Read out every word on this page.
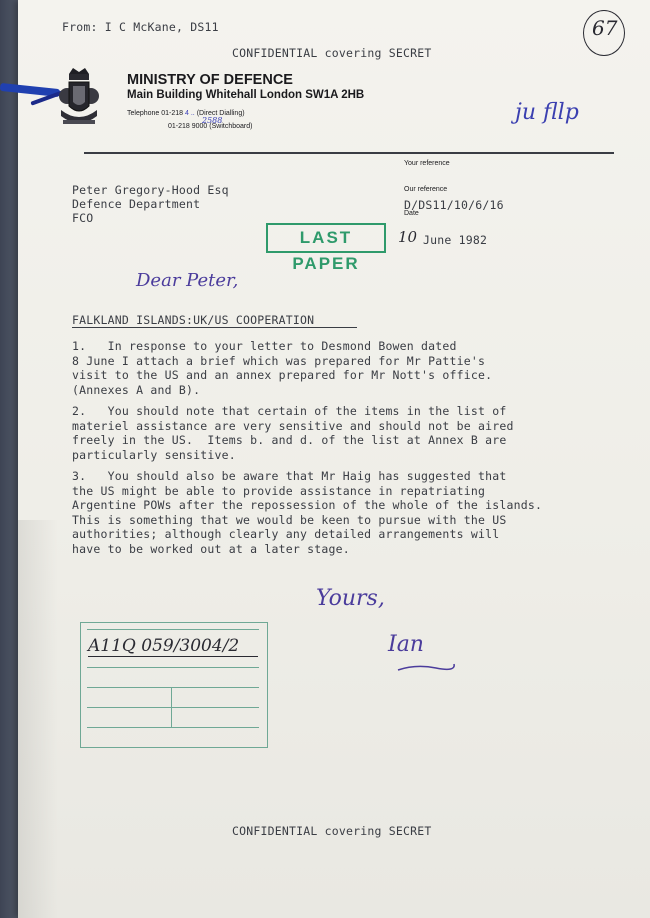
From: I C McKane, DS11
CONFIDENTIAL covering SECRET
67
ju fllp
MINISTRY OF DEFENCE
Main Building Whitehall London SW1A 2HB
Telephone 01-218 4 .. (Direct Dialling)
2588
01-218 9000 (Switchboard)
Your reference
Our reference
D/DS11/10/6/16
Date
10 June 1982
Peter Gregory-Hood Esq
Defence Department
FCO
LAST PAPER
Dear Peter,
FALKLAND ISLANDS:UK/US COOPERATION
1.   In response to your letter to Desmond Bowen dated
8 June I attach a brief which was prepared for Mr Pattie's
visit to the US and an annex prepared for Mr Nott's office.
(Annexes A and B).
2.   You should note that certain of the items in the list of
materiel assistance are very sensitive and should not be aired
freely in the US.  Items b. and d. of the list at Annex B are
particularly sensitive.
3.   You should also be aware that Mr Haig has suggested that
the US might be able to provide assistance in repatriating
Argentine POWs after the repossession of the whole of the islands.
This is something that we would be keen to pursue with the US
authorities; although clearly any detailed arrangements will
have to be worked out at a later stage.
Yours,
Ian
A11Q 059/3004/2
CONFIDENTIAL covering SECRET
